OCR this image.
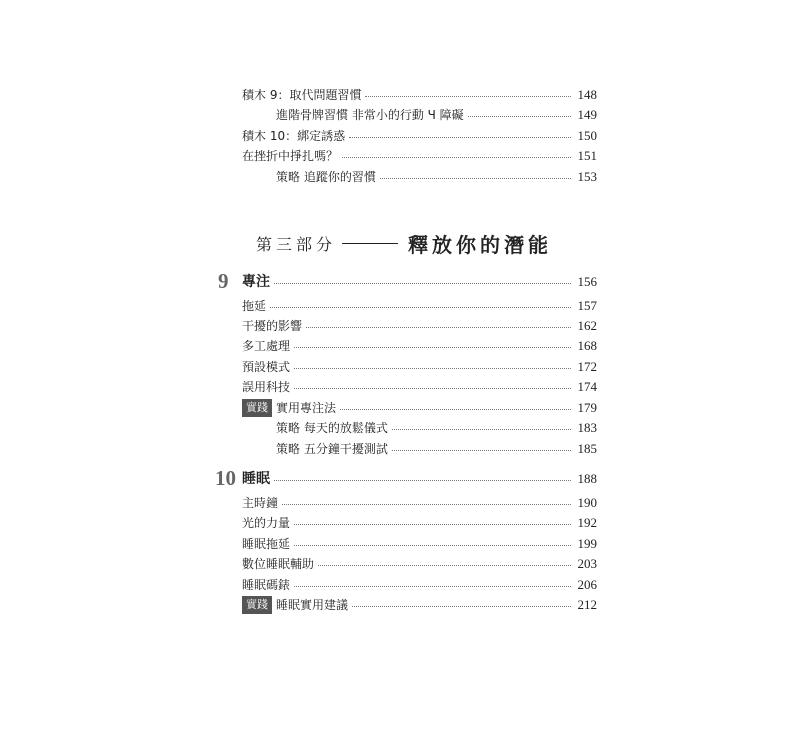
積木 9：取代問題習慣	148
進階骨牌習慣 非常小的行動 Ч 障礙	149
積木 10：綁定誘惑	150
在挫折中掙扎嗎？	151
策略 追蹤你的習慣	153
第三部分	釋放你的潛能
9 專注	156
拖延	157
干擾的影響	162
多工處理	168
預設模式	172
誤用科技	174
實踐 實用專注法	179
策略 每天的放鬆儀式	183
策略 五分鐘干擾測試	185
10 睡眠	188
主時鐘	190
光的力量	192
睡眠拖延	199
數位睡眠輔助	203
睡眠碼錶	206
實踐 睡眠實用建議	212
